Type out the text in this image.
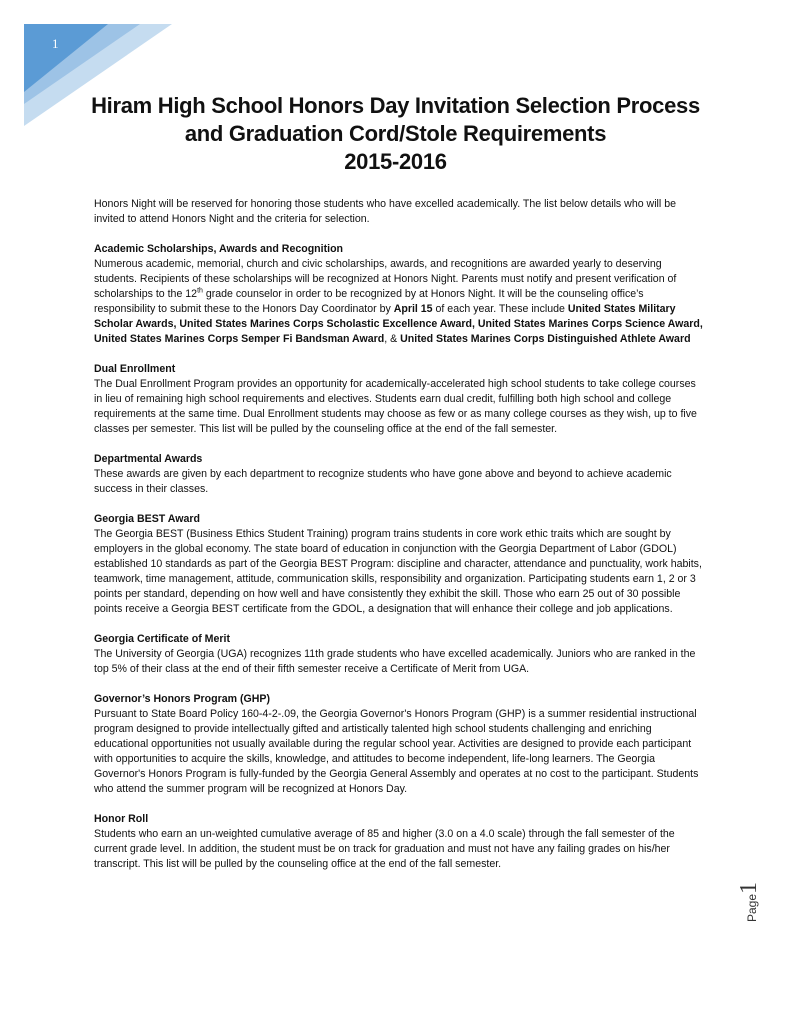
1
Hiram High School Honors Day Invitation Selection Process
and Graduation Cord/Stole Requirements
2015-2016

Honors Night will be reserved for honoring those students who have excelled academically. The list below details who will be invited to attend Honors Night and the criteria for selection.

Academic Scholarships, Awards and Recognition

Numerous academic, memorial, church and civic scholarships, awards, and recognitions are awarded yearly to deserving students. Recipients of these scholarships will be recognized at Honors Night. Parents must notify and present verification of scholarships to the 12th grade counselor in order to be recognized by at Honors Night. It will be the counseling office’s responsibility to submit these to the Honors Day Coordinator by April 15 of each year. These include United States Military Scholar Awards, United States Marines Corps Scholastic Excellence Award, United States Marines Corps Science Award, United States Marines Corps Semper Fi Bandsman Award, & United States Marines Corps Distinguished Athlete Award

Dual Enrollment

The Dual Enrollment Program provides an opportunity for academically-accelerated high school students to take college courses in lieu of remaining high school requirements and electives. Students earn dual credit, fulfilling both high school and college requirements at the same time. Dual Enrollment students may choose as few or as many college courses as they wish, up to five classes per semester. This list will be pulled by the counseling office at the end of the fall semester.

Departmental Awards

These awards are given by each department to recognize students who have gone above and beyond to achieve academic success in their classes.

Georgia BEST Award

The Georgia BEST (Business Ethics Student Training) program trains students in core work ethic traits which are sought by employers in the global economy. The state board of education in conjunction with the Georgia Department of Labor (GDOL) established 10 standards as part of the Georgia BEST Program: discipline and character, attendance and punctuality, work habits, teamwork, time management, attitude, communication skills, responsibility and organization. Participating students earn 1, 2 or 3 points per standard, depending on how well and have consistently they exhibit the skill. Those who earn 25 out of 30 possible points receive a Georgia BEST certificate from the GDOL, a designation that will enhance their college and job applications.

Georgia Certificate of Merit

The University of Georgia (UGA) recognizes 11th grade students who have excelled academically. Juniors who are ranked in the top 5% of their class at the end of their fifth semester receive a Certificate of Merit from UGA.

Governor’s Honors Program (GHP)

Pursuant to State Board Policy 160-4-2-.09, the Georgia Governor's Honors Program (GHP) is a summer residential instructional program designed to provide intellectually gifted and artistically talented high school students challenging and enriching educational opportunities not usually available during the regular school year. Activities are designed to provide each participant with opportunities to acquire the skills, knowledge, and attitudes to become independent, life-long learners. The Georgia Governor's Honors Program is fully-funded by the Georgia General Assembly and operates at no cost to the participant. Students who attend the summer program will be recognized at Honors Day.

Honor Roll

Students who earn an un-weighted cumulative average of 85 and higher (3.0 on a 4.0 scale) through the fall semester of the current grade level. In addition, the student must be on track for graduation and must not have any failing grades on his/her transcript. This list will be pulled by the counseling office at the end of the fall semester.

Page1
